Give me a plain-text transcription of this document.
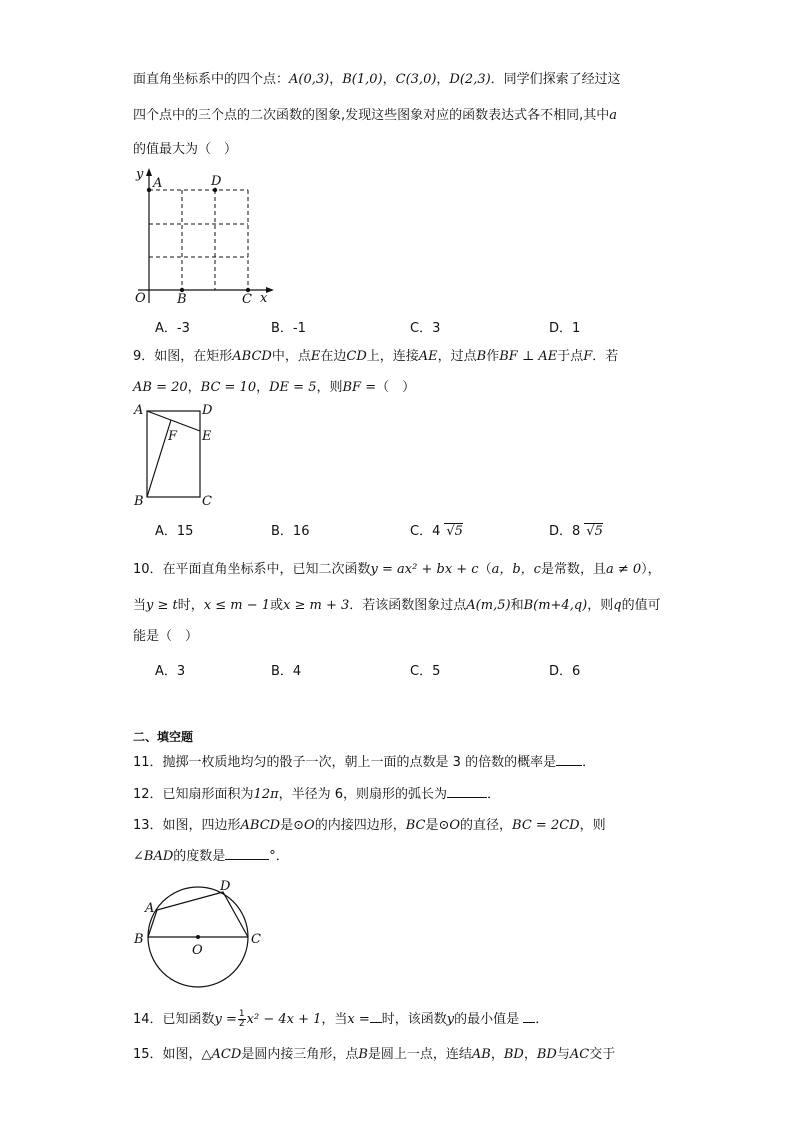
面直角坐标系中的四个点：A(0,3)，B(1,0)，C(3,0)，D(2,3)．同学们探索了经过这
四个点中的三个点的二次函数的图象,发现这些图象对应的函数表达式各不相同,其中a
的值最大为（　）
y
A	D
O B	C x
A．-3	B．-1	C．3	D．1
9．如图，在矩形ABCD中，点E在边CD上，连接AE，过点B作BF ⊥ AE于点F．若
AB = 20，BC = 10，DE = 5，则BF =（　）
A	D
E
F
B	C
A．15	B．16	C．4 √5	D．8 √5
10．在平面直角坐标系中，已知二次函数y = ax² + bx + c（a，b，c是常数，且a ≠ 0），
当y ≥ t时，x ≤ m − 1或x ≥ m + 3．若该函数图象过点A(m,5)和B(m+4,q)，则q的值可
能是（　）
A．3	B．4	C．5	D．6
二、填空题
11．抛掷一枚质地均匀的骰子一次，朝上一面的点数是 3 的倍数的概率是 ．
12．已知扇形面积为12π，半径为 6，则扇形的弧长为	．
13．如图，四边形ABCD是⊙O的内接四边形，BC是⊙O的直径，BC = 2CD，则
∠BAD的度数是	°．
A
D
B	C
O
14．已知函数$y = \frac{1}{2} x^2 - 4x + 1$，当x = 时，该函数y的最小值是 ．
15．如图，△ACD是圆内接三角形，点B是圆上一点，连结AB，BD，BD与AC交于
